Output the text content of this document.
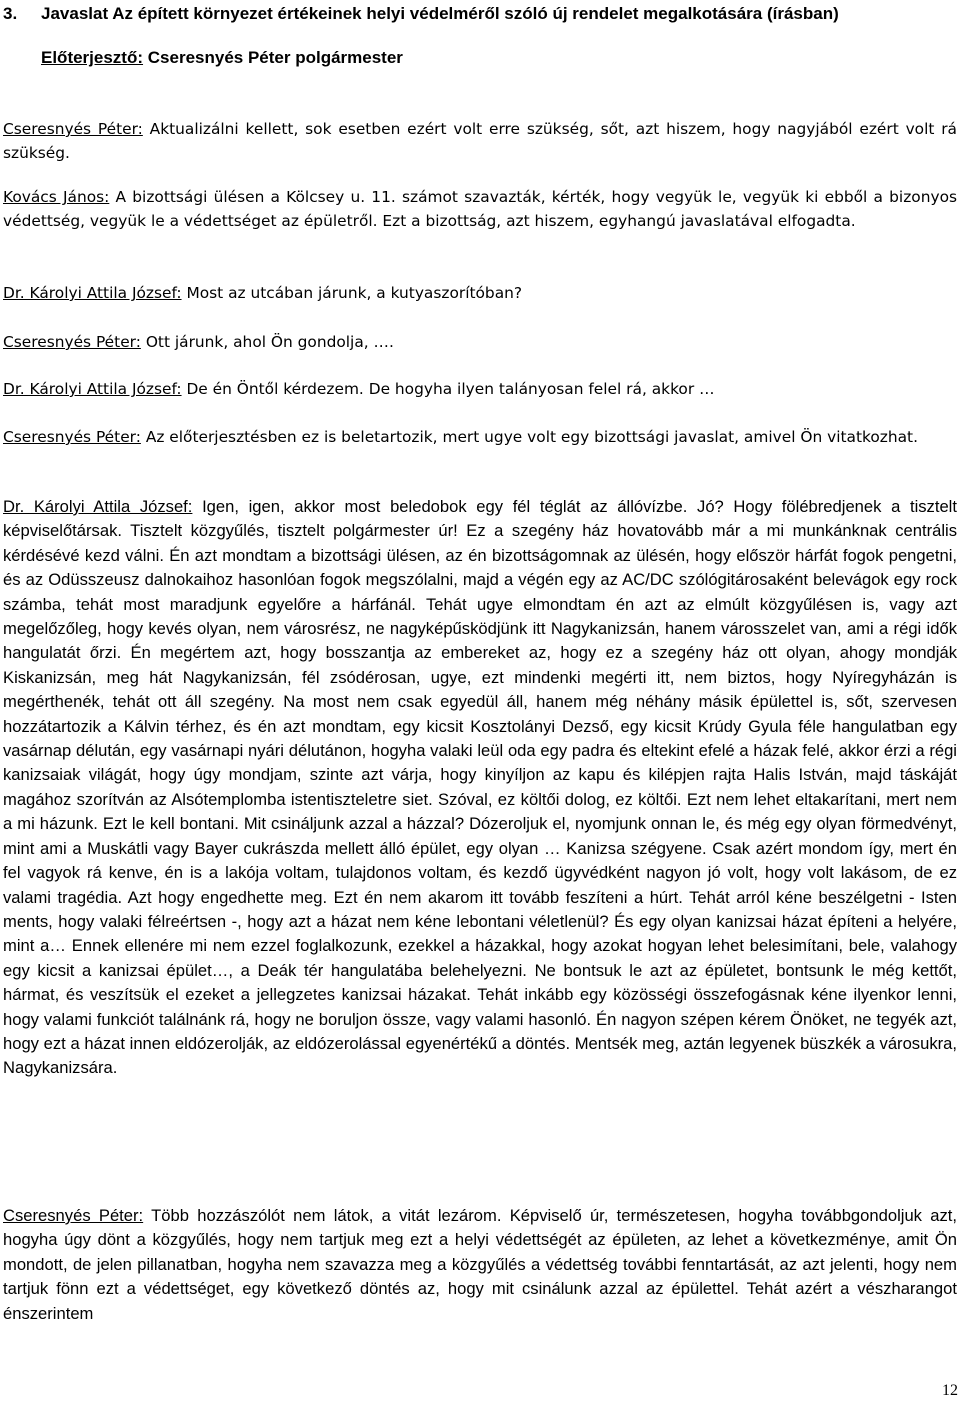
3. Javaslat Az épített környezet értékeinek helyi védelméről szóló új rendelet megalkotására (írásban)
Előterjesztő: Cseresnyés Péter polgármester

Cseresnyés Péter: Aktualizálni kellett, sok esetben ezért volt erre szükség, sőt, azt hiszem, hogy nagyjából ezért volt rá szükség.

Kovács János: A bizottsági ülésen a Kölcsey u. 11. számot szavazták, kérték, hogy vegyük le, vegyük ki ebből a bizonyos védettség, vegyük le a védettséget az épületről. Ezt a bizottság, azt hiszem, egyhangú javaslatával elfogadta.

Dr. Károlyi Attila József: Most az utcában járunk, a kutyaszorítóban?

Cseresnyés Péter: Ott járunk, ahol Ön gondolja, ….

Dr. Károlyi Attila József: De én Öntől kérdezem. De hogyha ilyen talányosan felel rá, akkor …

Cseresnyés Péter: Az előterjesztésben ez is beletartozik, mert ugye volt egy bizottsági javaslat, amivel Ön vitatkozhat.

Dr. Károlyi Attila József: Igen, igen, akkor most beledobok egy fél téglát az állóvízbe. Jó? Hogy fölébredjenek a tisztelt képviselőtársak. Tisztelt közgyűlés, tisztelt polgármester úr! Ez a szegény ház hovatovább már a mi munkánknak centrális kérdésévé kezd válni. Én azt mondtam a bizottsági ülésen, az én bizottságomnak az ülésén, hogy először hárfát fogok pengetni, és az Odüsszeusz dalnokaihoz hasonlóan fogok megszólalni, majd a végén egy az AC/DC szólógitárosaként belevágok egy rock számba, tehát most maradjunk egyelőre a hárfánál. Tehát ugye elmondtam én azt az elmúlt közgyűlésen is, vagy azt megelőzőleg, hogy kevés olyan, nem városrész, ne nagyképűsködjünk itt Nagykanizsán, hanem városszelet van, ami a régi idők hangulatát őrzi. Én megértem azt, hogy bosszantja az embereket az, hogy ez a szegény ház ott olyan, ahogy mondják Kiskanizsán, meg hát Nagykanizsán, fél zsódérosan, ugye, ezt mindenki megérti itt, nem biztos, hogy Nyíregyházán is megérthenék, tehát ott áll szegény. Na most nem csak egyedül áll, hanem még néhány másik épülettel is, sőt, szervesen hozzátartozik a Kálvin térhez, és én azt mondtam, egy kicsit Kosztolányi Dezső, egy kicsit Krúdy Gyula féle hangulatban egy vasárnap délután, egy vasárnapi nyári délutánon, hogyha valaki leül oda egy padra és eltekint efelé a házak felé, akkor érzi a régi kanizsaiak világát, hogy úgy mondjam, szinte azt várja, hogy kinyíljon az kapu és kilépjen rajta Halis István, majd táskáját magához szorítván az Alsótemplomba istentiszteletre siet. Szóval, ez költői dolog, ez költői. Ezt nem lehet eltakarítani, mert nem a mi házunk. Ezt le kell bontani. Mit csináljunk azzal a házzal? Dózeroljuk el, nyomjunk onnan le, és még egy olyan förmedvényt, mint ami a Muskátli vagy Bayer cukrászda mellett álló épület, egy olyan … Kanizsa szégyene. Csak azért mondom így, mert én fel vagyok rá kenve, én is a lakója voltam, tulajdonos voltam, és kezdő ügyvédként nagyon jó volt, hogy volt lakásom, de ez valami tragédia. Azt hogy engedhette meg. Ezt én nem akarom itt tovább feszíteni a húrt. Tehát arról kéne beszélgetni - Isten ments, hogy valaki félreértsen -, hogy azt a házat nem kéne lebontani véletlenül? És egy olyan kanizsai házat építeni a helyére, mint a… Ennek ellenére mi nem ezzel foglalkozunk, ezekkel a házakkal, hogy azokat hogyan lehet belesimítani, bele, valahogy egy kicsit a kanizsai épület…, a Deák tér hangulatába belehelyezni. Ne bontsuk le azt az épületet, bontsunk le még kettőt, hármat, és veszítsük el ezeket a jellegzetes kanizsai házakat. Tehát inkább egy közösségi összefogásnak kéne ilyenkor lenni, hogy valami funkciót találnánk rá, hogy ne boruljon össze, vagy valami hasonló. Én nagyon szépen kérem Önöket, ne tegyék azt, hogy ezt a házat innen eldózerolják, az eldózerolással egyenértékű a döntés. Mentsék meg, aztán legyenek büszkék a városukra, Nagykanizsára.

Cseresnyés Péter: Több hozzászólót nem látok, a vitát lezárom. Képviselő úr, természetesen, hogyha továbbgondoljuk azt, hogyha úgy dönt a közgyűlés, hogy nem tartjuk meg ezt a helyi védettségét az épületen, az lehet a következménye, amit Ön mondott, de jelen pillanatban, hogyha nem szavazza meg a közgyűlés a védettség további fenntartását, az azt jelenti, hogy nem tartjuk fönn ezt a védettséget, egy következő döntés az, hogy mit csinálunk azzal az épülettel. Tehát azért a vészharangot énszerintem

12
